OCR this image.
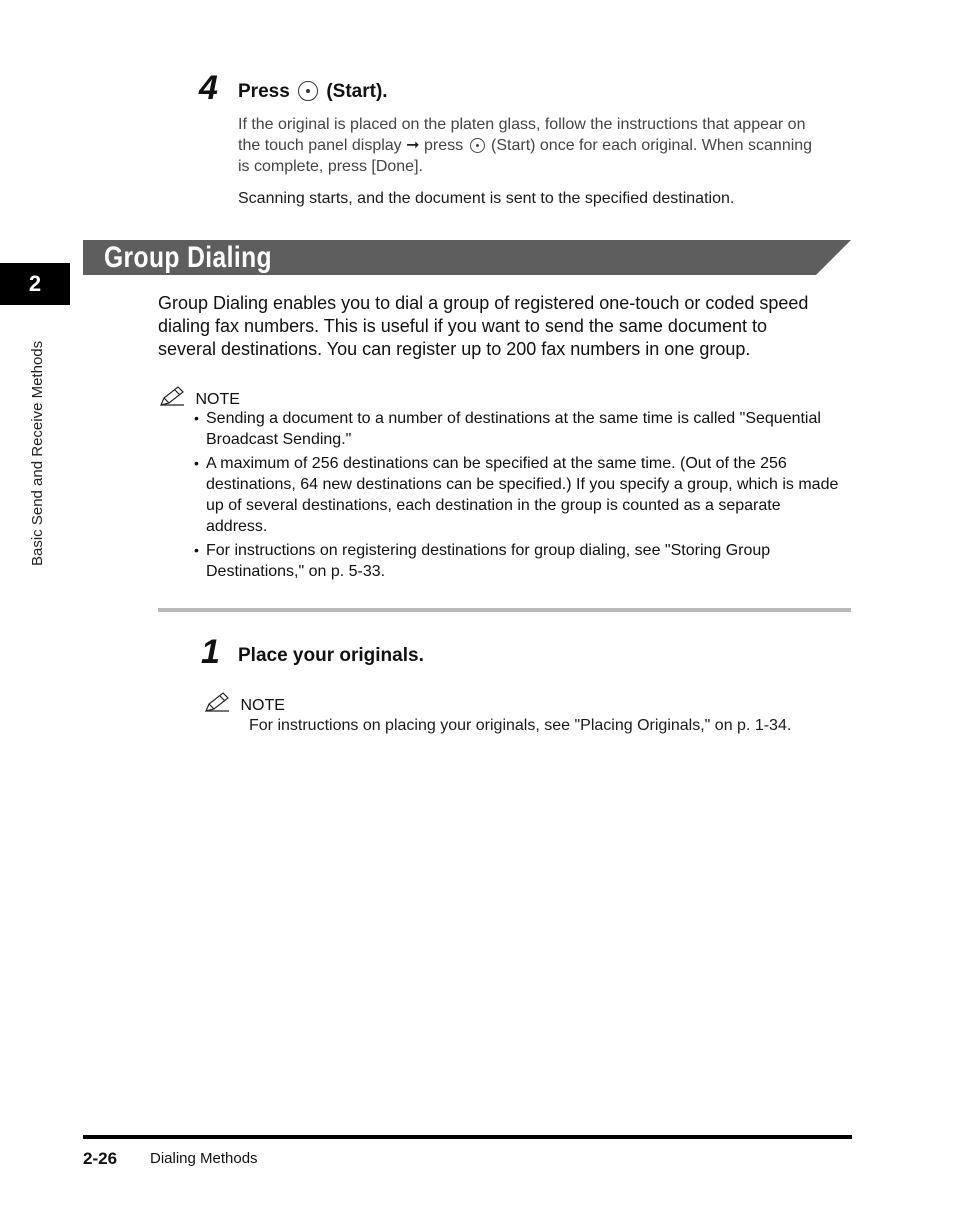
4 Press (Start).
If the original is placed on the platen glass, follow the instructions that appear on
the touch panel display ➞ press (Start) once for each original. When scanning
is complete, press [Done].
Scanning starts, and the document is sent to the specified destination.
2
Basic Send and Receive Methods
Group Dialing
Group Dialing enables you to dial a group of registered one-touch or coded speed
dialing fax numbers. This is useful if you want to send the same document to
several destinations. You can register up to 200 fax numbers in one group.
NOTE
• Sending a document to a number of destinations at the same time is called "Sequential
Broadcast Sending."
• A maximum of 256 destinations can be specified at the same time. (Out of the 256
destinations, 64 new destinations can be specified.) If you specify a group, which is made
up of several destinations, each destination in the group is counted as a separate
address.
• For instructions on registering destinations for group dialing, see "Storing Group
Destinations," on p. 5-33.
1 Place your originals.
NOTE
For instructions on placing your originals, see "Placing Originals," on p. 1-34.
2-26 Dialing Methods
